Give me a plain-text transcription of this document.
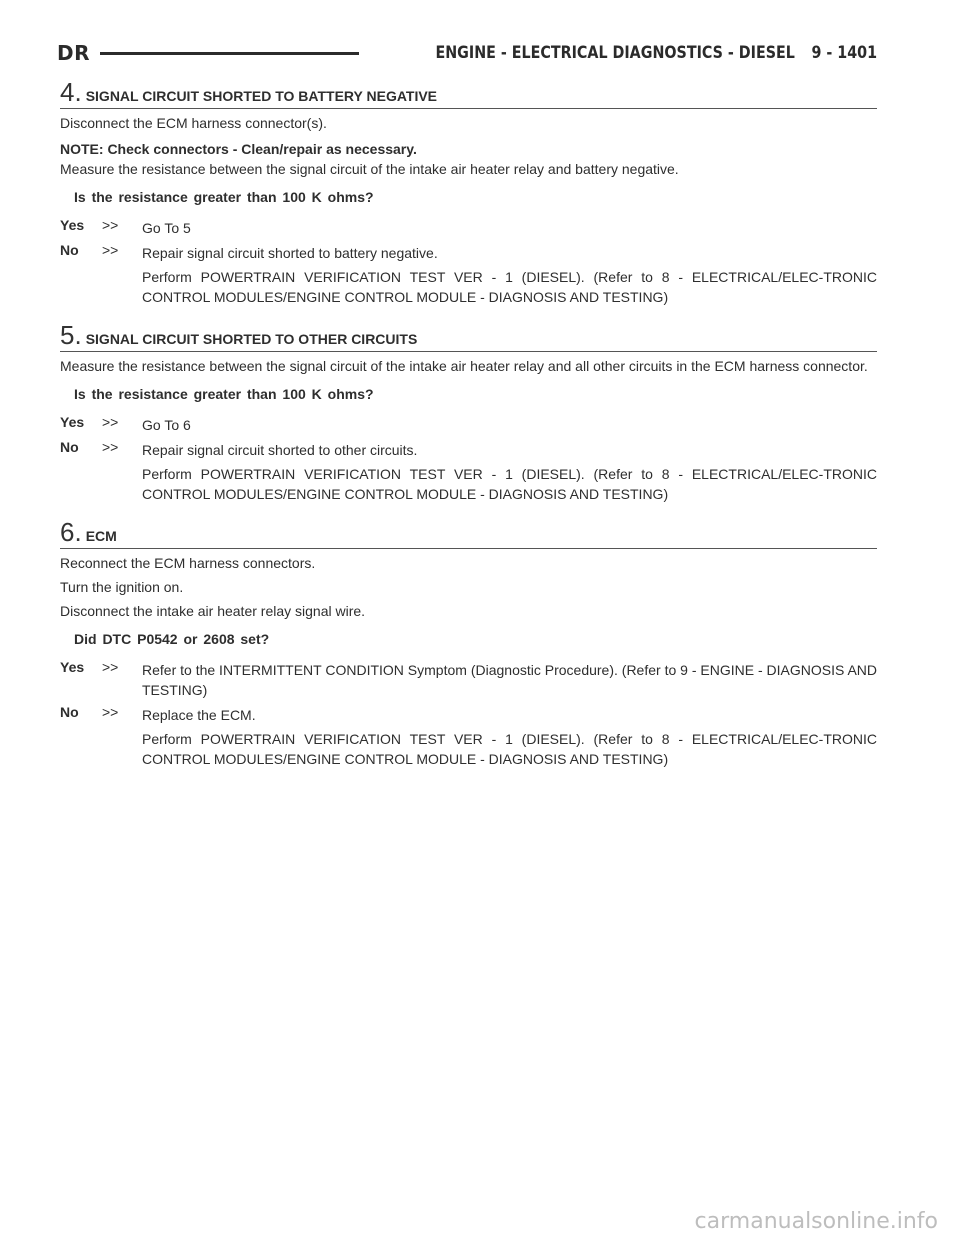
DR	ENGINE - ELECTRICAL DIAGNOSTICS - DIESEL 9 - 1401
4 . SIGNAL CIRCUIT SHORTED TO BATTERY NEGATIVE

Disconnect the ECM harness connector(s).

NOTE: Check connectors - Clean/repair as necessary.

Measure the resistance between the signal circuit of the intake air heater relay and battery negative.

Is the resistance greater than 100 K ohms?

Yes	>>	Go To 5

No	>>	Repair signal circuit shorted to battery negative.

Perform POWERTRAIN VERIFICATION TEST VER - 1 (DIESEL). (Refer to 8 - ELECTRICAL/ELEC-TRONIC CONTROL MODULES/ENGINE CONTROL MODULE - DIAGNOSIS AND TESTING)

5 . SIGNAL CIRCUIT SHORTED TO OTHER CIRCUITS

Measure the resistance between the signal circuit of the intake air heater relay and all other circuits in the ECM harness connector.

Is the resistance greater than 100 K ohms?

Yes	>>	Go To 6

No	>>	Repair signal circuit shorted to other circuits.

Perform POWERTRAIN VERIFICATION TEST VER - 1 (DIESEL). (Refer to 8 - ELECTRICAL/ELEC-TRONIC CONTROL MODULES/ENGINE CONTROL MODULE - DIAGNOSIS AND TESTING)

6 . ECM

Reconnect the ECM harness connectors.

Turn the ignition on.

Disconnect the intake air heater relay signal wire.

Did DTC P0542 or 2608 set?

Yes	>>	Refer to the INTERMITTENT CONDITION Symptom (Diagnostic Procedure). (Refer to 9 - ENGINE - DIAGNOSIS AND TESTING)

No	>>	Replace the ECM.

Perform POWERTRAIN VERIFICATION TEST VER - 1 (DIESEL). (Refer to 8 - ELECTRICAL/ELEC-TRONIC CONTROL MODULES/ENGINE CONTROL MODULE - DIAGNOSIS AND TESTING)

carmanualsonline.info
